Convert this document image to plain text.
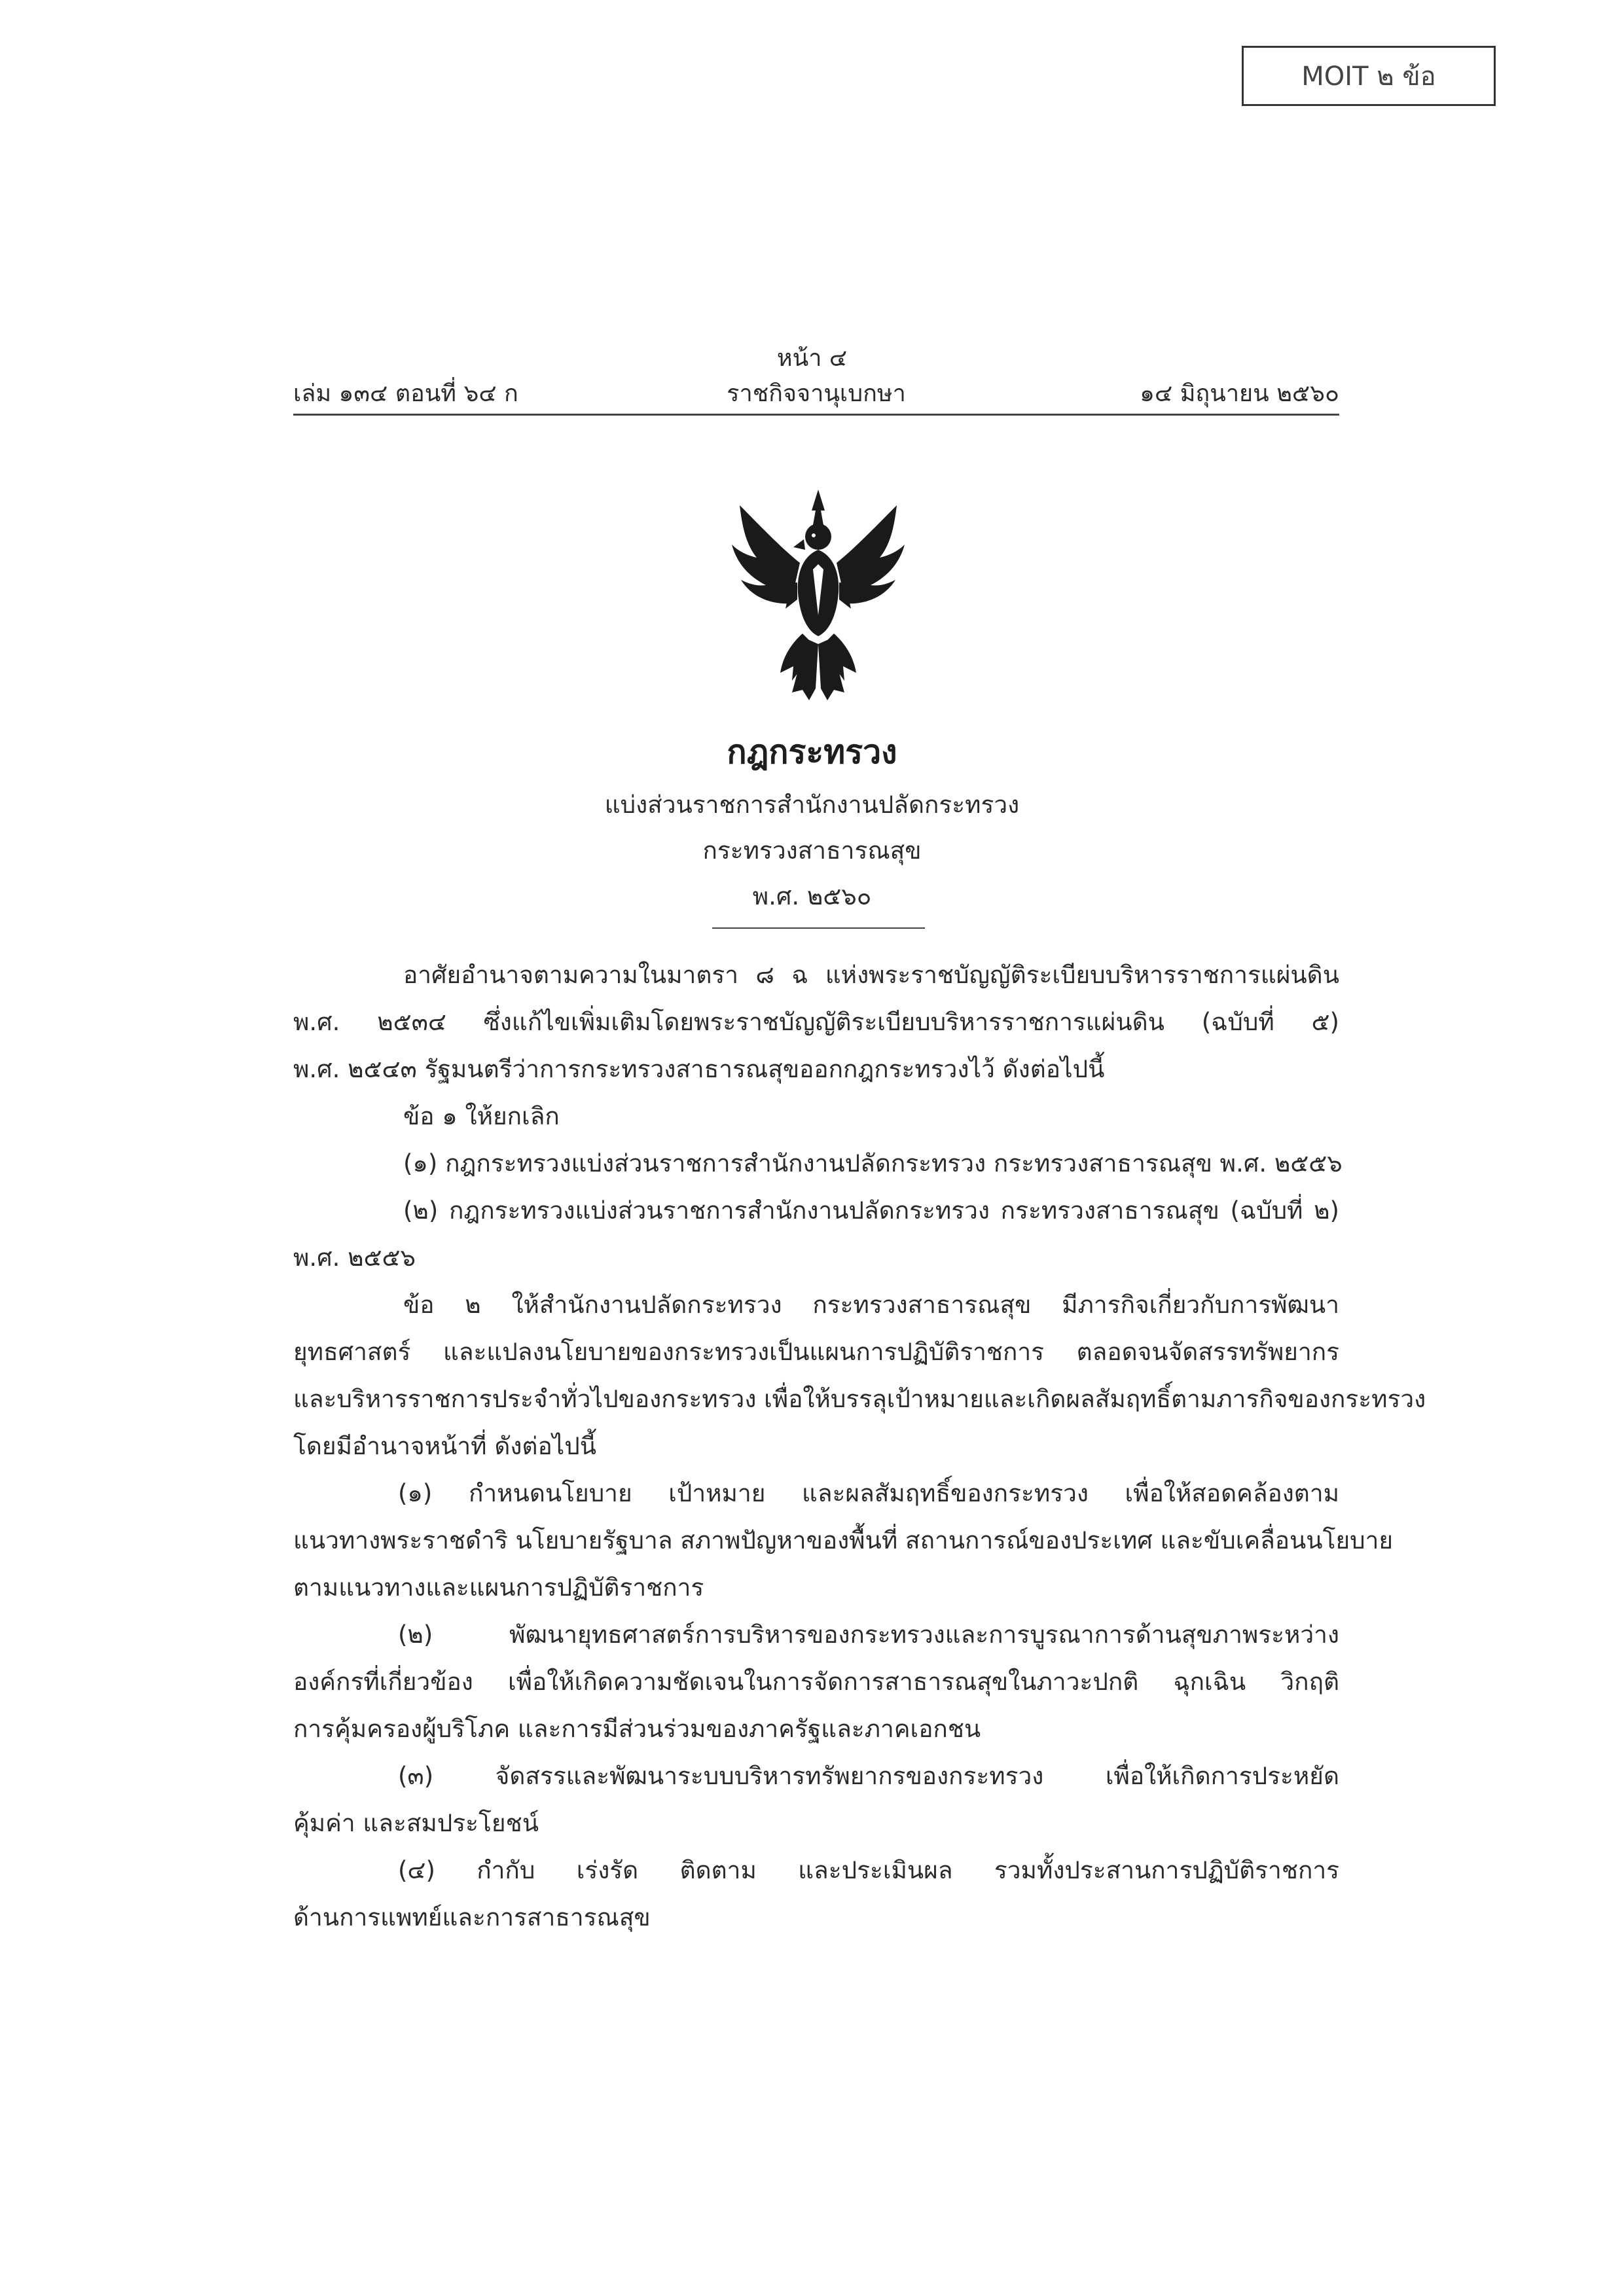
MOIT ๒ ข้อ
หน้า ๔
เล่ม ๑๓๔ ตอนที่ ๖๔ ก	ราชกิจจานุเบกษา	๑๔ มิถุนายน ๒๕๖๐
กฎกระทรวง
แบ่งส่วนราชการสำนักงานปลัดกระทรวง
กระทรวงสาธารณสุข
พ.ศ. ๒๕๖๐
อาศัยอำนาจตามความในมาตรา ๘ ฉ แห่งพระราชบัญญัติระเบียบบริหารราชการแผ่นดิน
พ.ศ. ๒๕๓๔ ซึ่งแก้ไขเพิ่มเติมโดยพระราชบัญญัติระเบียบบริหารราชการแผ่นดิน (ฉบับที่ ๕)
พ.ศ. ๒๕๔๓ รัฐมนตรีว่าการกระทรวงสาธารณสุขออกกฎกระทรวงไว้ ดังต่อไปนี้
ข้อ ๑ ให้ยกเลิก
(๑) กฎกระทรวงแบ่งส่วนราชการสำนักงานปลัดกระทรวง กระทรวงสาธารณสุข พ.ศ. ๒๕๕๖
(๒) กฎกระทรวงแบ่งส่วนราชการสำนักงานปลัดกระทรวง กระทรวงสาธารณสุข (ฉบับที่ ๒)
พ.ศ. ๒๕๕๖
ข้อ ๒ ให้สำนักงานปลัดกระทรวง กระทรวงสาธารณสุข มีภารกิจเกี่ยวกับการพัฒนา
ยุทธศาสตร์ และแปลงนโยบายของกระทรวงเป็นแผนการปฏิบัติราชการ ตลอดจนจัดสรรทรัพยากร
และบริหารราชการประจำทั่วไปของกระทรวง เพื่อให้บรรลุเป้าหมายและเกิดผลสัมฤทธิ์ตามภารกิจของกระทรวง
โดยมีอำนาจหน้าที่ ดังต่อไปนี้
(๑) กำหนดนโยบาย เป้าหมาย และผลสัมฤทธิ์ของกระทรวง เพื่อให้สอดคล้องตาม
แนวทางพระราชดำริ นโยบายรัฐบาล สภาพปัญหาของพื้นที่ สถานการณ์ของประเทศ และขับเคลื่อนนโยบาย
ตามแนวทางและแผนการปฏิบัติราชการ
(๒) พัฒนายุทธศาสตร์การบริหารของกระทรวงและการบูรณาการด้านสุขภาพระหว่าง
องค์กรที่เกี่ยวข้อง เพื่อให้เกิดความชัดเจนในการจัดการสาธารณสุขในภาวะปกติ ฉุกเฉิน วิกฤติ
การคุ้มครองผู้บริโภค และการมีส่วนร่วมของภาครัฐและภาคเอกชน
(๓) จัดสรรและพัฒนาระบบบริหารทรัพยากรของกระทรวง เพื่อให้เกิดการประหยัด
คุ้มค่า และสมประโยชน์
(๔) กำกับ เร่งรัด ติดตาม และประเมินผล รวมทั้งประสานการปฏิบัติราชการ
ด้านการแพทย์และการสาธารณสุข
